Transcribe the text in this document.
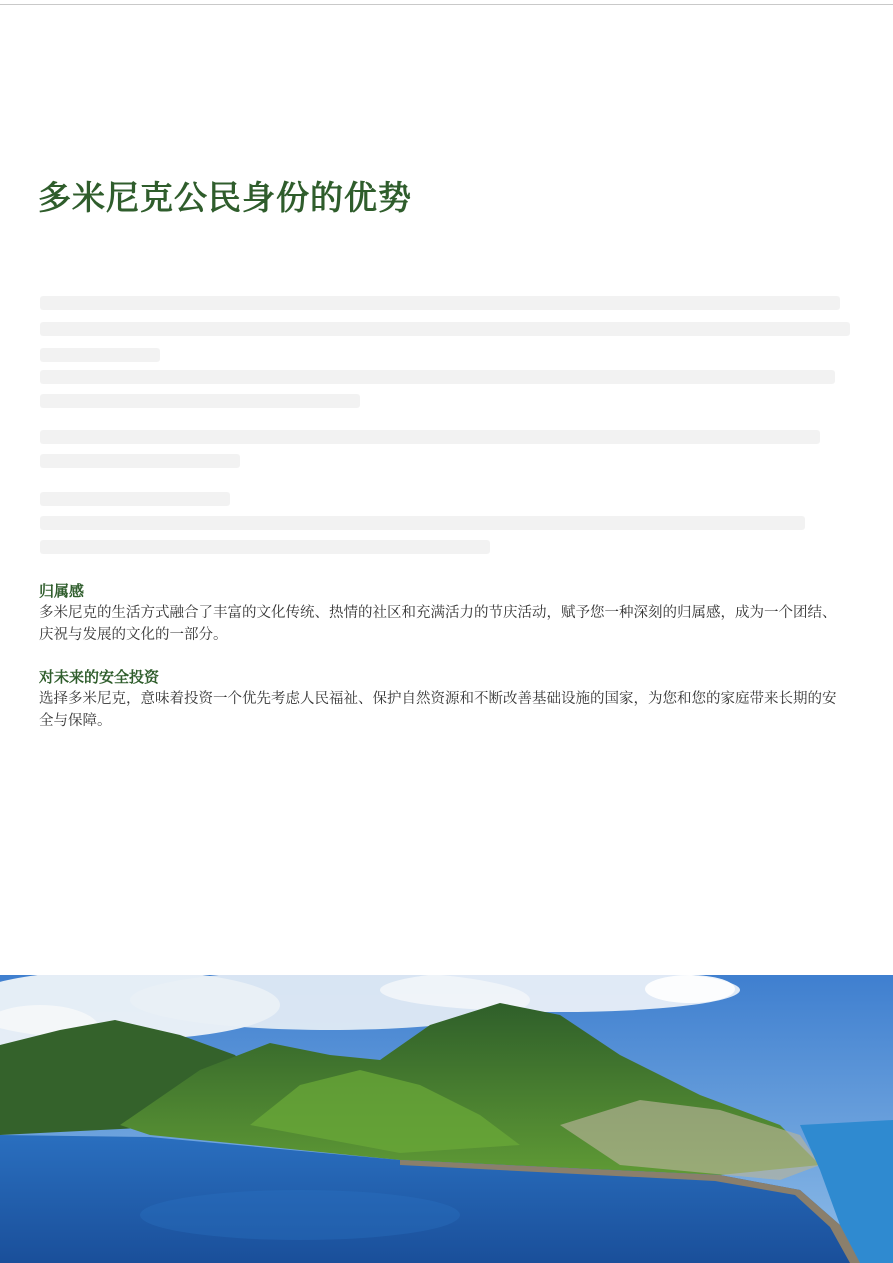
多米尼克公民身份的优势
归属感

多米尼克的生活方式融合了丰富的文化传统、热情的社区和充满活力的节庆活动，赋予您一种深刻的归属感，成为一个团结、庆祝与发展的文化的一部分。

对未来的安全投资

选择多米尼克，意味着投资一个优先考虑人民福祉、保护自然资源和不断改善基础设施的国家，为您和您的家庭带来长期的安全与保障。
